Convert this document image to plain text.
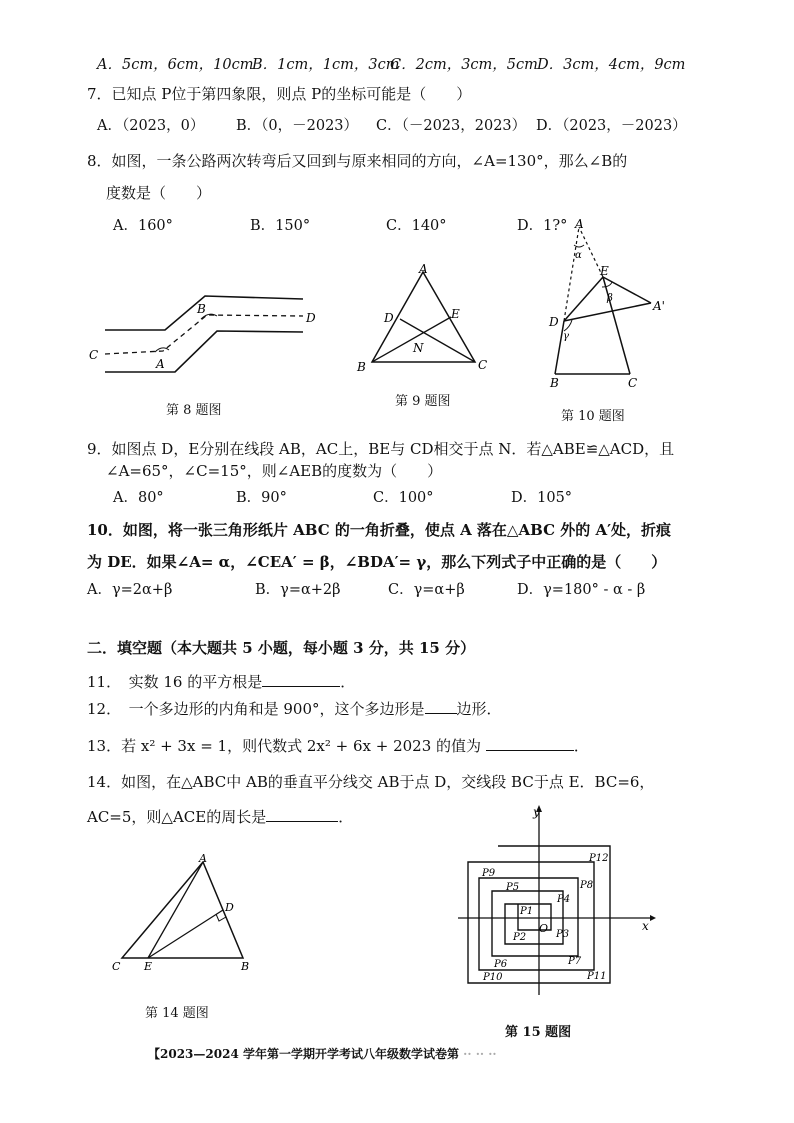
A．5cm，6cm，10cm
B．1cm，1cm，3cm
C．2cm，3cm，5cm D．3cm，4cm，9cm
7．已知点 P位于第四象限，则点 P的坐标可能是（　　）
A．（2023，0） B．（0，－2023） C．（－2023，2023） D．（2023，－2023）
8．如图，一条公路两次转弯后又回到与原来相同的方向，∠A=130°，那么∠B的
度数是（　　）
A．160°	B．150°	C．140°	D．1?°
B
D
C
A
第 8 题图
A
D	E
N
B	C
第 9 题图
A
α
E
β
A'
D
γ
B	C
第 10 题图
9．如图点 D，E分别在线段 AB，AC上，BE与 CD相交于点 N．若△ABE≌△ACD，且
∠A=65°，∠C=15°，则∠AEB的度数为（　　）
A．80°	B．90°	C．100°	D．105°
10．如图，将一张三角形纸片 ABC 的一角折叠，使点 A 落在△ABC 外的 A′处，折痕
为 DE．如果∠A= α，∠CEA′ = β，∠BDA′= γ，那么下列式子中正确的是（　　）
A．γ=2α+β	B．γ=α+2β	C．γ=α+β	D．γ=180° - α - β
二．填空题（本大题共 5 小题，每小题 3 分，共 15 分）
11．　实数 16 的平方根是	．
12．　一个多边形的内角和是 900°，这个多边形是 边形．
13．若 x² + 3x = 1，则代数式 2x² + 6x + 2023 的值为	．
14．如图，在△ABC中 AB的垂直平分线交 AB于点 D，交线段 BC于点 E．BC=6，
AC=5，则△ACE的周长是	．
A
D
C E	B
第 14 题图
y
x
O
P12
P9
P8
P5
P4
P1
P2	P3
P6	P7
P10	P11
第 15 题图
【2023—2024 学年第一学期开学考试八年级数学试卷第 ·· ·· ··
